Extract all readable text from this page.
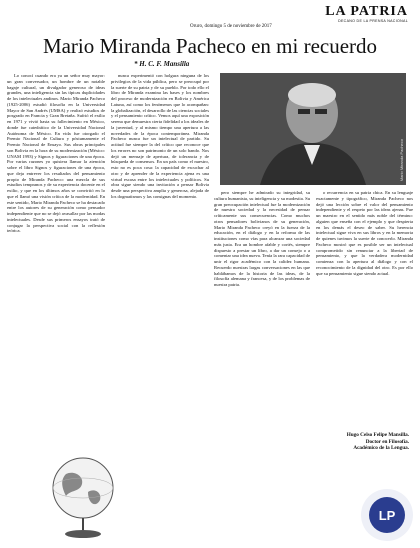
LA PATRIA
DECANO DE LA PRENSA NACIONAL
Oruro, domingo 5 de noviembre de 2017
Mario Miranda Pacheco en mi recuerdo
* H. C. F. Mansilla
Mario Miranda Pacheco

Lo conocí cuando era ya un señor muy mayor: un gran conversador, un hombre de un notable bagaje cultural, un divulgador generoso de ideas grandes, una inteligencia sin las típicas duplicidades de los intelectuales andinos. Mario Miranda Pacheco (1925-2006) estudió filosofía en la Universidad Mayor de San Andrés (UMSA) y realizó estudios de posgrado en Francia y Gran Bretaña. Sufrió el exilio en 1971 y vivió hasta su fallecimiento en México, donde fue catedrático de la Universidad Nacional Autónoma de México. En vida fue otorgado el Premio Nacional de Cultura y póstumamente el Premio Nacional de Ensayo. Sus obras principales son Bolivia en la hora de su modernización (México: UNAM 1993) y Signos y figuraciones de una época. Por varias razones yo quisiera llamar la atención sobre el libro Signos y figuraciones de una época, que deja entrever los resultados del pensamiento propio de Miranda Pacheco: una mezcla de sus estudios tempranos y de su experiencia docente en el exilio, y que en los últimos años se convirtió en lo que el llamó una visión crítica de la modernidad. En este sentido, Mario Miranda Pacheco se ha destacado entre los autores de su generación como pensador independiente que no se dejó avasallar por las modas intelectuales. Desde sus primeros ensayos trató de conjugar la perspectiva social con la reflexión teórica.

nunca experimentó con holgura ninguna de los privilegios de la vida pública, pero se preocupó por la suerte de su patria y de su pueblo. Por todo ello el libro de Miranda examina las bases y los nombres del proceso de modernización en Bolivia y América Latuna, así como los fenómenos que lo acompañan: la globalización, el desarrollo de las ciencias sociales y el pensamiento crítico. Vemos aquí una exposición serena que demuestra cierta fidelidad a los ideales de la juventud, y al mismo tiempo una apertura a las novedades de la época contemporánea. Miranda Pacheco nunca fue un intelectual de partido. Su actitud fue siempre la del crítico que reconoce que los errores no son patrimonio de un solo bando. Nos dejó un mensaje de apertura, de tolerancia y de búsqueda de consensos. En un país como el nuestro, esto no es poca cosa: la capacidad de escuchar al otro y de aprender de la experiencia ajena es una virtud escasa entre los intelectuales y políticos. Su obra sigue siendo una invitación a pensar Bolivia desde una perspectiva amplia y generosa, alejada de los dogmatismos y las consignas del momento.

pero siempre he admirado su integridad, su cultura humanista, su inteligencia y su modestia. Su gran preocupación intelectual fue la modernización de nuestra sociedad y la necesidad de pensar críticamente sus consecuencias. Como muchos otros pensadores bolivianos de su generación, Mario Miranda Pacheco creyó en la fuerza de la educación, en el diálogo y en la reforma de las instituciones como vías para alcanzar una sociedad más justa. Era un hombre afable y cortés, siempre dispuesto a prestar un libro, a dar un consejo o a comentar una idea nueva. Tenía la rara capacidad de unir el rigor académico con la calidez humana. Recuerdo nuestras largas conversaciones en las que hablábamos de la historia de las ideas, de la filosofía alemana y francesa, y de los problemas de nuestra patria.

o recurrencia en su patria chica. En su lenguaje exactamente y tipográfico, Miranda Pacheco nos dejó una lección sobre el valor del pensamiento independiente y el respeto por las ideas ajenas. Fue un maestro en el sentido más noble del término: alguien que enseña con el ejemplo y que despierta en los demás el deseo de saber. Su herencia intelectual sigue viva en sus libros y en la memoria de quienes tuvimos la suerte de conocerlo. Miranda Pacheco mostró que es posible ser un intelectual comprometido sin renunciar a la libertad de pensamiento, y que la verdadera modernidad comienza con la apertura al diálogo y con el reconocimiento de la dignidad del otro. Es por ello que su pensamiento sigue siendo actual.

Hugo Celso Felipe Mansilla.
Doctor en Filosofía.
Académico de la Lengua.
LP
